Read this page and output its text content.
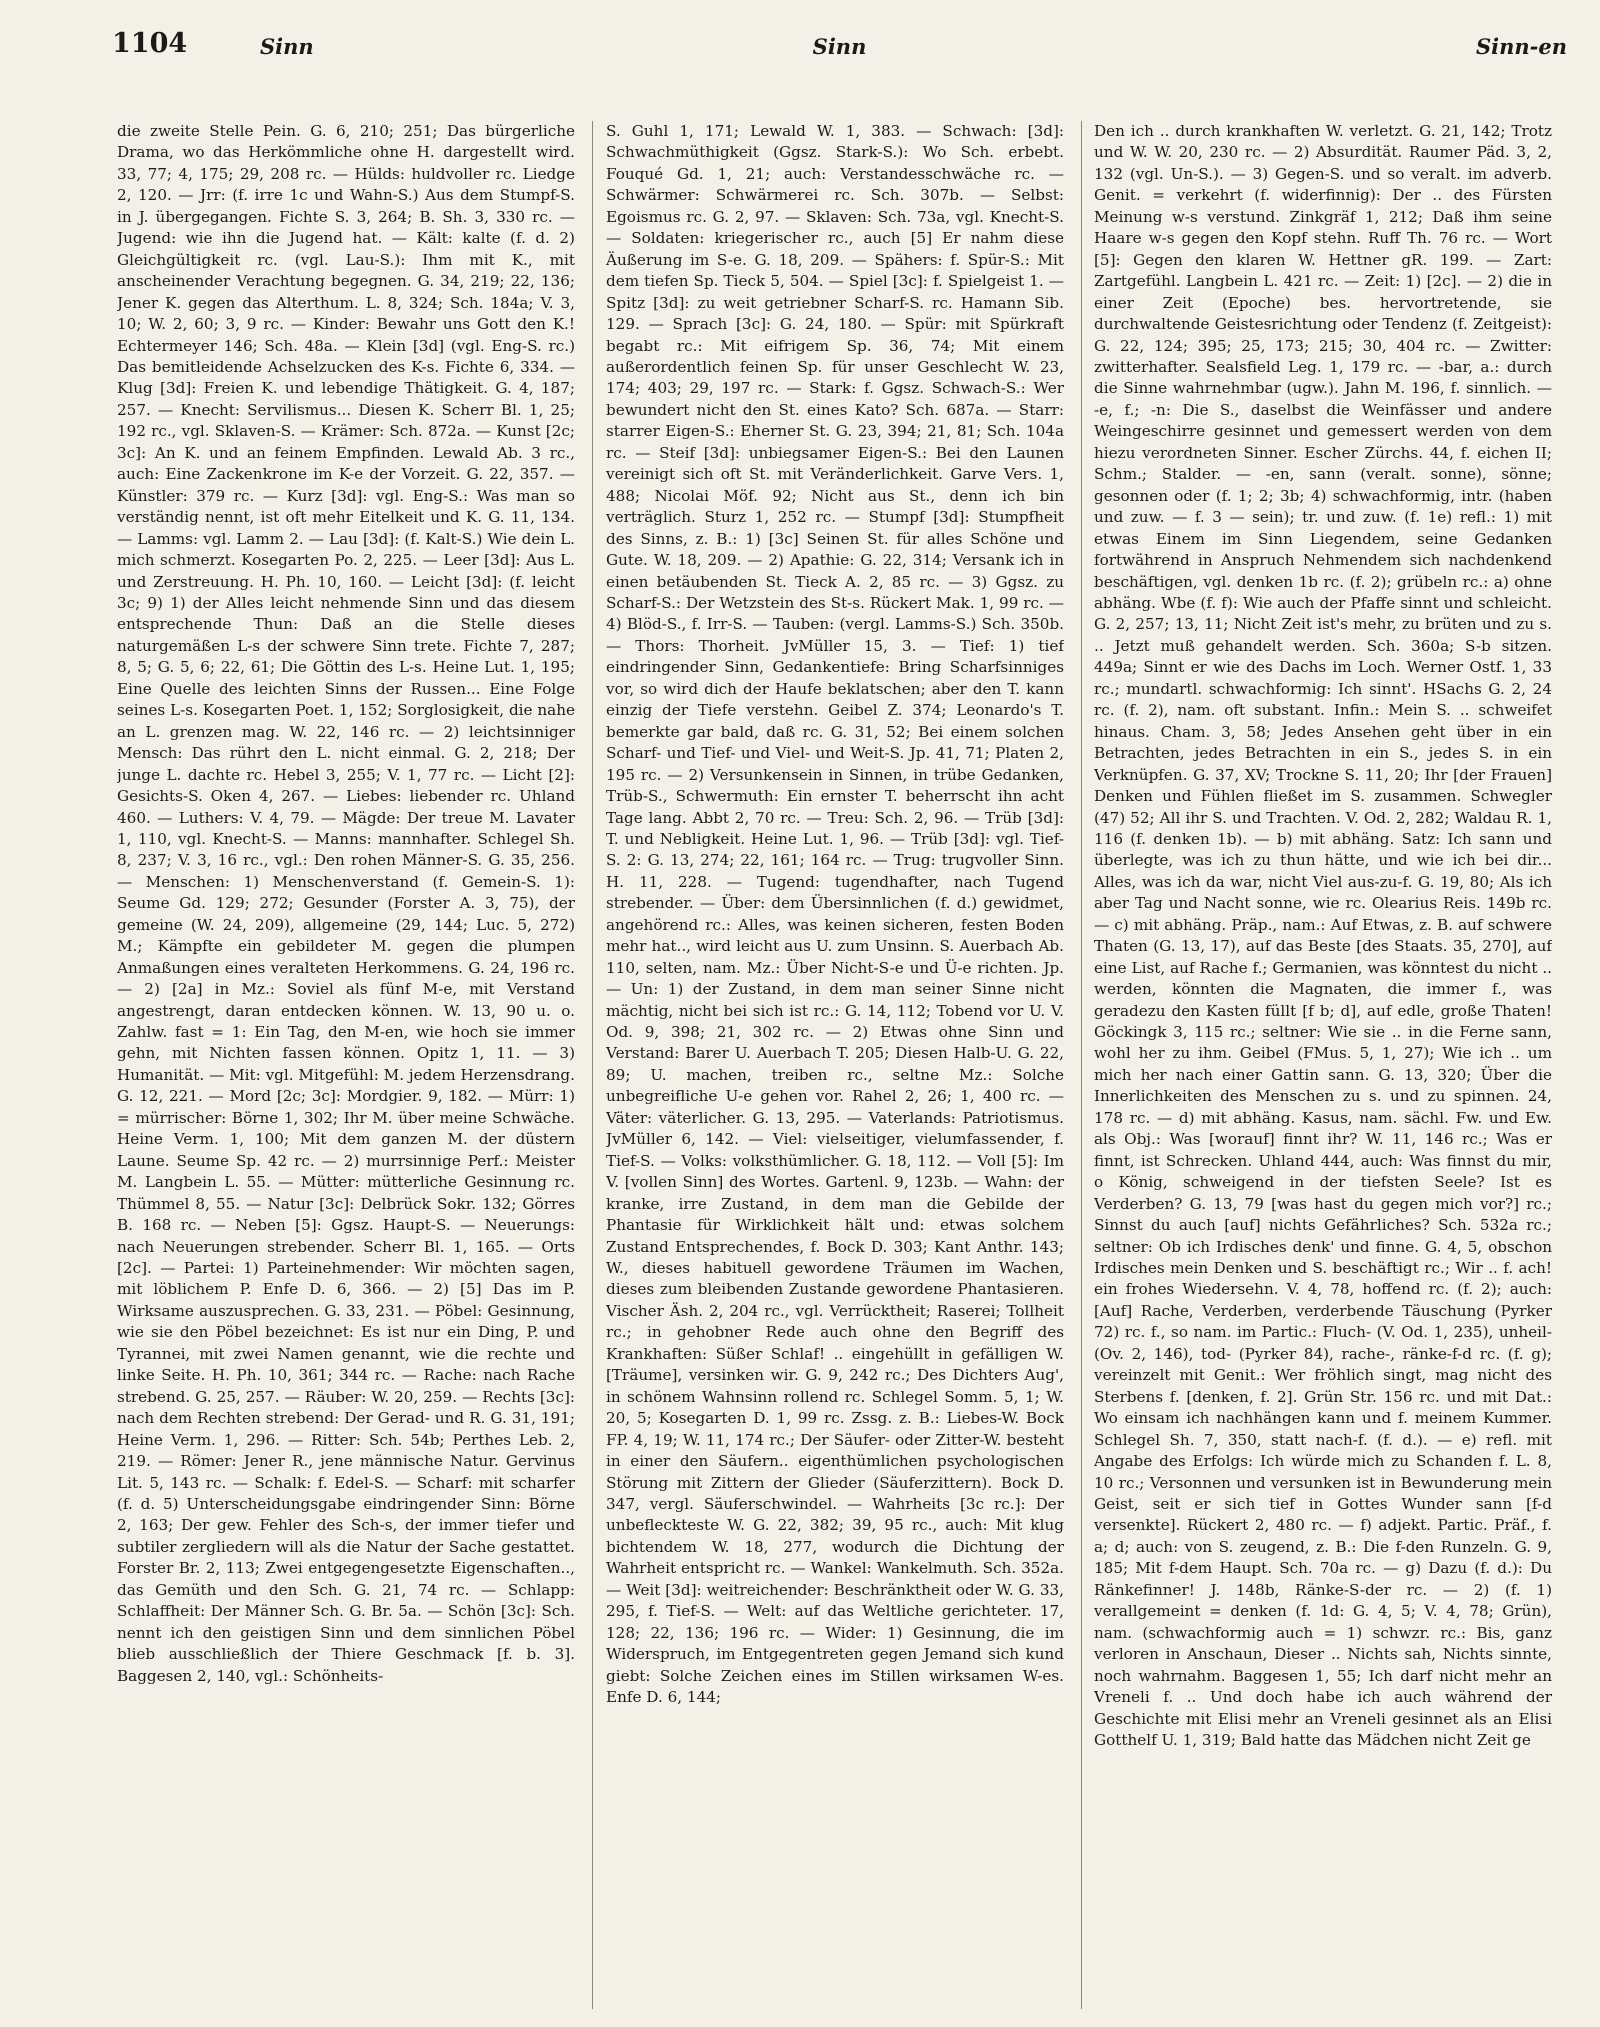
1104	Sinn	Sinn	Sinn-en

die zweite Stelle Pein. G. 6, 210; 251; Das bürgerliche Drama, wo das Herkömmliche ohne H. dargestellt wird. 33, 77; 4, 175; 29, 208 rc. — Hülds: huldvoller rc. Liedge 2, 120. — Jrr: (f. irre 1c und Wahn-S.) Aus dem Stumpf-S. in J. übergegangen. Fichte S. 3, 264; B. Sh. 3, 330 rc. — Jugend: wie ihn die Jugend hat. — Kält: kalte (f. d. 2) Gleichgültigkeit rc. (vgl. Lau-S.): Ihm mit K., mit anscheinender Verachtung begegnen. G. 34, 219; 22, 136; Jener K. gegen das Alterthum. L. 8, 324; Sch. 184a; V. 3, 10; W. 2, 60; 3, 9 rc. — Kinder: Bewahr uns Gott den K.! Echtermeyer 146; Sch. 48a. — Klein [3d] (vgl. Eng-S. rc.) Das bemitleidende Achselzucken des K-s. Fichte 6, 334. — Klug [3d]: Freien K. und lebendige Thätigkeit. G. 4, 187; 257. — Knecht: Servilismus... Diesen K. Scherr Bl. 1, 25; 192 rc., vgl. Sklaven-S. — Krämer: Sch. 872a. — Kunst [2c; 3c]: An K. und an feinem Empfinden. Lewald Ab. 3 rc., auch: Eine Zackenkrone im K-e der Vorzeit. G. 22, 357. — Künstler: 379 rc. — Kurz [3d]: vgl. Eng-S.: Was man so verständig nennt, ist oft mehr Eitelkeit und K. G. 11, 134. — Lamms: vgl. Lamm 2. — Lau [3d]: (f. Kalt-S.) Wie dein L. mich schmerzt. Kosegarten Po. 2, 225. — Leer [3d]: Aus L. und Zerstreuung. H. Ph. 10, 160. — Leicht [3d]: (f. leicht 3c; 9) 1) der Alles leicht nehmende Sinn und das diesem entsprechende Thun: Daß an die Stelle dieses naturgemäßen L-s der schwere Sinn trete. Fichte 7, 287; 8, 5; G. 5, 6; 22, 61; Die Göttin des L-s. Heine Lut. 1, 195; Eine Quelle des leichten Sinns der Russen... Eine Folge seines L-s. Kosegarten Poet. 1, 152; Sorglosigkeit, die nahe an L. grenzen mag. W. 22, 146 rc. — 2) leichtsinniger Mensch: Das rührt den L. nicht einmal. G. 2, 218; Der junge L. dachte rc. Hebel 3, 255; V. 1, 77 rc. — Licht [2]: Gesichts-S. Oken 4, 267. — Liebes: liebender rc. Uhland 460. — Luthers: V. 4, 79. — Mägde: Der treue M. Lavater 1, 110, vgl. Knecht-S. — Manns: mannhafter. Schlegel Sh. 8, 237; V. 3, 16 rc., vgl.: Den rohen Männer-S. G. 35, 256. — Menschen: 1) Menschenverstand (f. Gemein-S. 1): Seume Gd. 129; 272; Gesunder (Forster A. 3, 75), der gemeine (W. 24, 209), allgemeine (29, 144; Luc. 5, 272) M.; Kämpfte ein gebildeter M. gegen die plumpen Anmaßungen eines veralteten Herkommens. G. 24, 196 rc. — 2) [2a] in Mz.: Soviel als fünf M-e, mit Verstand angestrengt, daran entdecken können. W. 13, 90 u. o. Zahlw. fast = 1: Ein Tag, den M-en, wie hoch sie immer gehn, mit Nichten fassen können. Opitz 1, 11. — 3) Humanität. — Mit: vgl. Mitgefühl: M. jedem Herzensdrang. G. 12, 221. — Mord [2c; 3c]: Mordgier. 9, 182. — Mürr: 1) = mürrischer: Börne 1, 302; Ihr M. über meine Schwäche. Heine Verm. 1, 100; Mit dem ganzen M. der düstern Laune. Seume Sp. 42 rc. — 2) murrsinnige Perf.: Meister M. Langbein L. 55. — Mütter: mütterliche Gesinnung rc. Thümmel 8, 55. — Natur [3c]: Delbrück Sokr. 132; Görres B. 168 rc. — Neben [5]: Ggsz. Haupt-S. — Neuerungs: nach Neuerungen strebender. Scherr Bl. 1, 165. — Orts [2c]. — Partei: 1) Parteinehmender: Wir möchten sagen, mit löblichem P. Enfe D. 6, 366. — 2) [5] Das im P. Wirksame auszusprechen. G. 33, 231. — Pöbel: Gesinnung, wie sie den Pöbel bezeichnet: Es ist nur ein Ding, P. und Tyrannei, mit zwei Namen genannt, wie die rechte und linke Seite. H. Ph. 10, 361; 344 rc. — Rache: nach Rache strebend. G. 25, 257. — Räuber: W. 20, 259. — Rechts [3c]: nach dem Rechten strebend: Der Gerad- und R. G. 31, 191; Heine Verm. 1, 296. — Ritter: Sch. 54b; Perthes Leb. 2, 219. — Römer: Jener R., jene männische Natur. Gervinus Lit. 5, 143 rc. — Schalk: f. Edel-S. — Scharf: mit scharfer (f. d. 5) Unterscheidungsgabe eindringender Sinn: Börne 2, 163; Der gew. Fehler des Sch-s, der immer tiefer und subtiler zergliedern will als die Natur der Sache gestattet. Forster Br. 2, 113; Zwei entgegengesetzte Eigenschaften.., das Gemüth und den Sch. G. 21, 74 rc. — Schlapp: Schlaffheit: Der Männer Sch. G. Br. 5a. — Schön [3c]: Sch. nennt ich den geistigen Sinn und dem sinnlichen Pöbel blieb ausschließlich der Thiere Geschmack [f. b. 3]. Baggesen 2, 140, vgl.: Schönheits-

S. Guhl 1, 171; Lewald W. 1, 383. — Schwach: [3d]: Schwachmüthigkeit (Ggsz. Stark-S.): Wo Sch. erbebt. Fouqué Gd. 1, 21; auch: Verstandesschwäche rc. — Schwärmer: Schwärmerei rc. Sch. 307b. — Selbst: Egoismus rc. G. 2, 97. — Sklaven: Sch. 73a, vgl. Knecht-S. — Soldaten: kriegerischer rc., auch [5] Er nahm diese Äußerung im S-e. G. 18, 209. — Spähers: f. Spür-S.: Mit dem tiefen Sp. Tieck 5, 504. — Spiel [3c]: f. Spielgeist 1. — Spitz [3d]: zu weit getriebner Scharf-S. rc. Hamann Sib. 129. — Sprach [3c]: G. 24, 180. — Spür: mit Spürkraft begabt rc.: Mit eifrigem Sp. 36, 74; Mit einem außerordentlich feinen Sp. für unser Geschlecht W. 23, 174; 403; 29, 197 rc. — Stark: f. Ggsz. Schwach-S.: Wer bewundert nicht den St. eines Kato? Sch. 687a. — Starr: starrer Eigen-S.: Eherner St. G. 23, 394; 21, 81; Sch. 104a rc. — Steif [3d]: unbiegsamer Eigen-S.: Bei den Launen vereinigt sich oft St. mit Veränderlichkeit. Garve Vers. 1, 488; Nicolai Möf. 92; Nicht aus St., denn ich bin verträglich. Sturz 1, 252 rc. — Stumpf [3d]: Stumpfheit des Sinns, z. B.: 1) [3c] Seinen St. für alles Schöne und Gute. W. 18, 209. — 2) Apathie: G. 22, 314; Versank ich in einen betäubenden St. Tieck A. 2, 85 rc. — 3) Ggsz. zu Scharf-S.: Der Wetzstein des St-s. Rückert Mak. 1, 99 rc. — 4) Blöd-S., f. Irr-S. — Tauben: (vergl. Lamms-S.) Sch. 350b. — Thors: Thorheit. JvMüller 15, 3. — Tief: 1) tief eindringender Sinn, Gedankentiefe: Bring Scharfsinniges vor, so wird dich der Haufe beklatschen; aber den T. kann einzig der Tiefe verstehn. Geibel Z. 374; Leonardo's T. bemerkte gar bald, daß rc. G. 31, 52; Bei einem solchen Scharf- und Tief- und Viel- und Weit-S. Jp. 41, 71; Platen 2, 195 rc. — 2) Versunkensein in Sinnen, in trübe Gedanken, Trüb-S., Schwermuth: Ein ernster T. beherrscht ihn acht Tage lang. Abbt 2, 70 rc. — Treu: Sch. 2, 96. — Trüb [3d]: T. und Nebligkeit. Heine Lut. 1, 96. — Trüb [3d]: vgl. Tief-S. 2: G. 13, 274; 22, 161; 164 rc. — Trug: trugvoller Sinn. H. 11, 228. — Tugend: tugendhafter, nach Tugend strebender. — Über: dem Übersinnlichen (f. d.) gewidmet, angehörend rc.: Alles, was keinen sicheren, festen Boden mehr hat.., wird leicht aus U. zum Unsinn. S. Auerbach Ab. 110, selten, nam. Mz.: Über Nicht-S-e und Ü-e richten. Jp. — Un: 1) der Zustand, in dem man seiner Sinne nicht mächtig, nicht bei sich ist rc.: G. 14, 112; Tobend vor U. V. Od. 9, 398; 21, 302 rc. — 2) Etwas ohne Sinn und Verstand: Barer U. Auerbach T. 205; Diesen Halb-U. G. 22, 89; U. machen, treiben rc., seltne Mz.: Solche unbegreifliche U-e gehen vor. Rahel 2, 26; 1, 400 rc. — Väter: väterlicher. G. 13, 295. — Vaterlands: Patriotismus. JvMüller 6, 142. — Viel: vielseitiger, vielumfassender, f. Tief-S. — Volks: volksthümlicher. G. 18, 112. — Voll [5]: Im V. [vollen Sinn] des Wortes. Gartenl. 9, 123b. — Wahn: der kranke, irre Zustand, in dem man die Gebilde der Phantasie für Wirklichkeit hält und: etwas solchem Zustand Entsprechendes, f. Bock D. 303; Kant Anthr. 143; W., dieses habituell gewordene Träumen im Wachen, dieses zum bleibenden Zustande gewordene Phantasieren. Vischer Äsh. 2, 204 rc., vgl. Verrücktheit; Raserei; Tollheit rc.; in gehobner Rede auch ohne den Begriff des Krankhaften: Süßer Schlaf! .. eingehüllt in gefälligen W. [Träume], versinken wir. G. 9, 242 rc.; Des Dichters Aug', in schönem Wahnsinn rollend rc. Schlegel Somm. 5, 1; W. 20, 5; Kosegarten D. 1, 99 rc. Zssg. z. B.: Liebes-W. Bock FP. 4, 19; W. 11, 174 rc.; Der Säufer- oder Zitter-W. besteht in einer den Säufern.. eigenthümlichen psychologischen Störung mit Zittern der Glieder (Säuferzittern). Bock D. 347, vergl. Säuferschwindel. — Wahrheits [3c rc.]: Der unbefleckteste W. G. 22, 382; 39, 95 rc., auch: Mit klug bichtendem W. 18, 277, wodurch die Dichtung der Wahrheit entspricht rc. — Wankel: Wankelmuth. Sch. 352a. — Weit [3d]: weitreichender: Beschränktheit oder W. G. 33, 295, f. Tief-S. — Welt: auf das Weltliche gerichteter. 17, 128; 22, 136; 196 rc. — Wider: 1) Gesinnung, die im Widerspruch, im Entgegentreten gegen Jemand sich kund giebt: Solche Zeichen eines im Stillen wirksamen W-es. Enfe D. 6, 144;

Den ich .. durch krankhaften W. verletzt. G. 21, 142; Trotz und W. W. 20, 230 rc. — 2) Absurdität. Raumer Päd. 3, 2, 132 (vgl. Un-S.). — 3) Gegen-S. und so veralt. im adverb. Genit. = verkehrt (f. widerfinnig): Der .. des Fürsten Meinung w-s verstund. Zinkgräf 1, 212; Daß ihm seine Haare w-s gegen den Kopf stehn. Ruff Th. 76 rc. — Wort [5]: Gegen den klaren W. Hettner gR. 199. — Zart: Zartgefühl. Langbein L. 421 rc. — Zeit: 1) [2c]. — 2) die in einer Zeit (Epoche) bes. hervortretende, sie durchwaltende Geistesrichtung oder Tendenz (f. Zeitgeist): G. 22, 124; 395; 25, 173; 215; 30, 404 rc. — Zwitter: zwitterhafter. Sealsfield Leg. 1, 179 rc. — -bar, a.: durch die Sinne wahrnehmbar (ugw.). Jahn M. 196, f. sinnlich. — -e, f.; -n: Die S., daselbst die Weinfässer und andere Weingeschirre gesinnet und gemessert werden von dem hiezu verordneten Sinner. Escher Zürchs. 44, f. eichen II; Schm.; Stalder. — -en, sann (veralt. sonne), sönne; gesonnen oder (f. 1; 2; 3b; 4) schwachformig, intr. (haben und zuw. — f. 3 — sein); tr. und zuw. (f. 1e) refl.: 1) mit etwas Einem im Sinn Liegendem, seine Gedanken fortwährend in Anspruch Nehmendem sich nachdenkend beschäftigen, vgl. denken 1b rc. (f. 2); grübeln rc.: a) ohne abhäng. Wbe (f. f): Wie auch der Pfaffe sinnt und schleicht. G. 2, 257; 13, 11; Nicht Zeit ist's mehr, zu brüten und zu s. .. Jetzt muß gehandelt werden. Sch. 360a; S-b sitzen. 449a; Sinnt er wie des Dachs im Loch. Werner Ostf. 1, 33 rc.; mundartl. schwachformig: Ich sinnt'. HSachs G. 2, 24 rc. (f. 2), nam. oft substant. Infin.: Mein S. .. schweifet hinaus. Cham. 3, 58; Jedes Ansehen geht über in ein Betrachten, jedes Betrachten in ein S., jedes S. in ein Verknüpfen. G. 37, XV; Trockne S. 11, 20; Ihr [der Frauen] Denken und Fühlen fließet im S. zusammen. Schwegler (47) 52; All ihr S. und Trachten. V. Od. 2, 282; Waldau R. 1, 116 (f. denken 1b). — b) mit abhäng. Satz: Ich sann und überlegte, was ich zu thun hätte, und wie ich bei dir... Alles, was ich da war, nicht Viel aus-zu-f. G. 19, 80; Als ich aber Tag und Nacht sonne, wie rc. Olearius Reis. 149b rc. — c) mit abhäng. Präp., nam.: Auf Etwas, z. B. auf schwere Thaten (G. 13, 17), auf das Beste [des Staats. 35, 270], auf eine List, auf Rache f.; Germanien, was könntest du nicht .. werden, könnten die Magnaten, die immer f., was geradezu den Kasten füllt [f b; d], auf edle, große Thaten! Göckingk 3, 115 rc.; seltner: Wie sie .. in die Ferne sann, wohl her zu ihm. Geibel (FMus. 5, 1, 27); Wie ich .. um mich her nach einer Gattin sann. G. 13, 320; Über die Innerlichkeiten des Menschen zu s. und zu spinnen. 24, 178 rc. — d) mit abhäng. Kasus, nam. sächl. Fw. und Ew. als Obj.: Was [worauf] finnt ihr? W. 11, 146 rc.; Was er finnt, ist Schrecken. Uhland 444, auch: Was finnst du mir, o König, schweigend in der tiefsten Seele? Ist es Verderben? G. 13, 79 [was hast du gegen mich vor?] rc.; Sinnst du auch [auf] nichts Gefährliches? Sch. 532a rc.; seltner: Ob ich Irdisches denk' und finne. G. 4, 5, obschon Irdisches mein Denken und S. beschäftigt rc.; Wir .. f. ach! ein frohes Wiedersehn. V. 4, 78, hoffend rc. (f. 2); auch: [Auf] Rache, Verderben, verderbende Täuschung (Pyrker 72) rc. f., so nam. im Partic.: Fluch- (V. Od. 1, 235), unheil- (Ov. 2, 146), tod- (Pyrker 84), rache-, ränke-f-d rc. (f. g); vereinzelt mit Genit.: Wer fröhlich singt, mag nicht des Sterbens f. [denken, f. 2]. Grün Str. 156 rc. und mit Dat.: Wo einsam ich nachhängen kann und f. meinem Kummer. Schlegel Sh. 7, 350, statt nach-f. (f. d.). — e) refl. mit Angabe des Erfolgs: Ich würde mich zu Schanden f. L. 8, 10 rc.; Versonnen und versunken ist in Bewunderung mein Geist, seit er sich tief in Gottes Wunder sann [f-d versenkte]. Rückert 2, 480 rc. — f) adjekt. Partic. Präf., f. a; d; auch: von S. zeugend, z. B.: Die f-den Runzeln. G. 9, 185; Mit f-dem Haupt. Sch. 70a rc. — g) Dazu (f. d.): Du Ränkefinner! J. 148b, Ränke-S-der rc. — 2) (f. 1) verallgemeint = denken (f. 1d: G. 4, 5; V. 4, 78; Grün), nam. (schwachformig auch = 1) schwzr. rc.: Bis, ganz verloren in Anschaun, Dieser .. Nichts sah, Nichts sinnte, noch wahrnahm. Baggesen 1, 55; Ich darf nicht mehr an Vreneli f. .. Und doch habe ich auch während der Geschichte mit Elisi mehr an Vreneli gesinnet als an Elisi Gotthelf U. 1, 319; Bald hatte das Mädchen nicht Zeit ge
